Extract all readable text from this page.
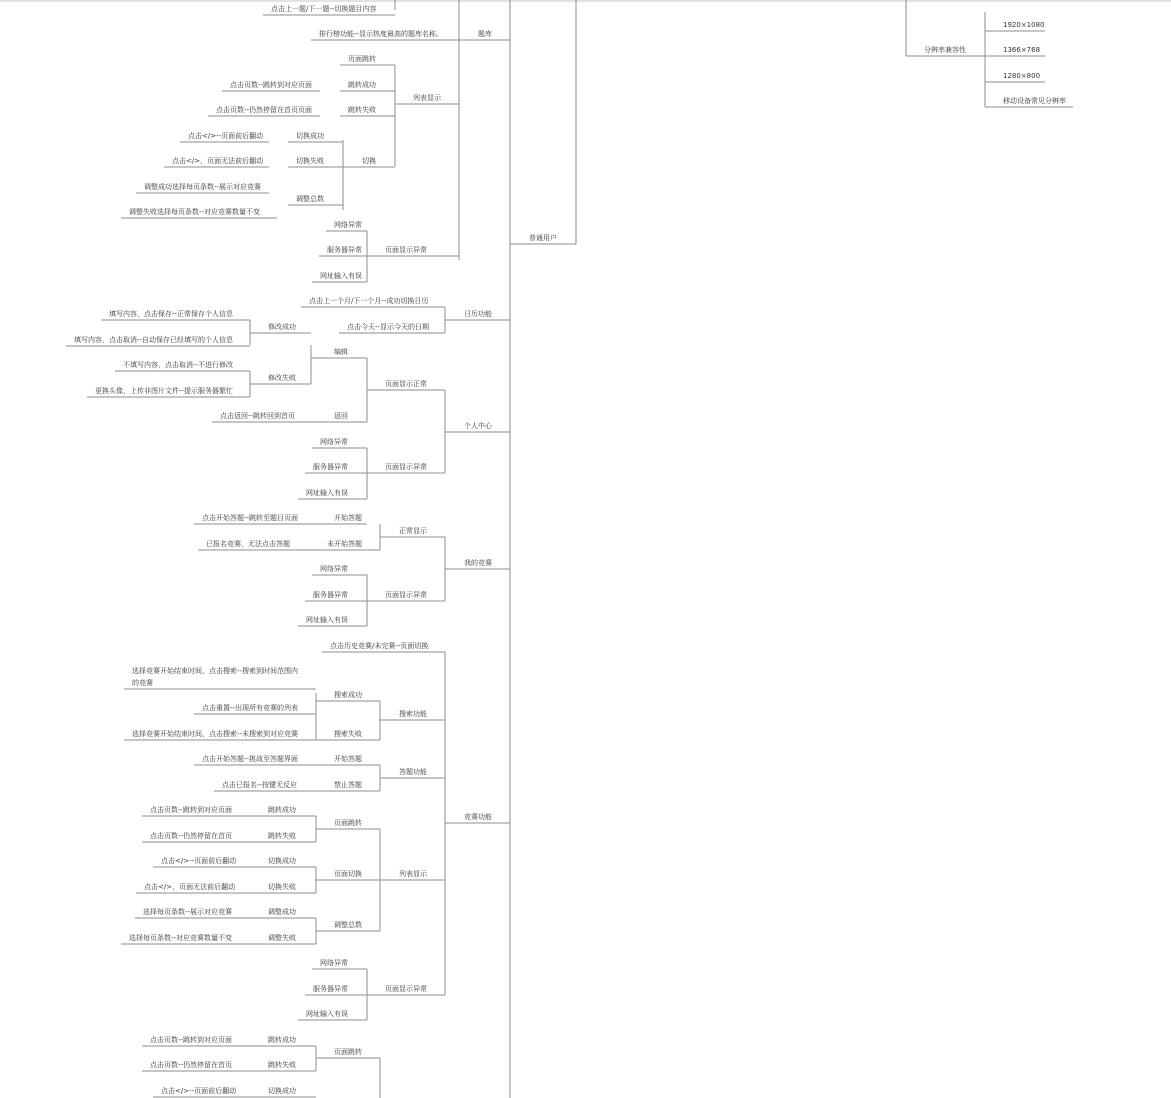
点击上一题/下一题--切换题目内容
题库
排行榜功能--显示热度最高的题库名称。
页面跳转
跳转成功
点击页数--跳转到对应页面
跳转失败
点击页数--仍然停留在首页页面
列表显示
切换成功
点击</>--页面前后翻动
切换失败
点击</>，页面无法前后翻动	切换
调整成功选择每页条数--展示对应竞赛
调整总数
调整失败选择每页条数--对应竞赛数量不变
网络异常
服务器异常	页面显示异常
网址输入有误
点击上一个月/下一个月--成功切换日历
点击今天--显示今天的日期
日历功能
填写内容，点击保存--正常保存个人信息
修改成功
填写内容，点击取消--自动保存已经填写的个人信息
编辑
不填写内容，点击取消--不进行修改
修改失败
更换头像，上传非图片文件--提示服务器繁忙
页面显示正常
点击返回--跳转回到首页	返回
个人中心
网络异常
服务器异常	页面显示异常
网址输入有误
点击开始答题--跳转至题目页面	开始答题
正常显示
已报名竞赛，无法点击答题	未开始答题
我的竞赛
网络异常
服务器异常	页面显示异常
网址输入有误
点击历史竞赛/未完赛--页面切换
搜索成功
点击重置--出现所有竞赛的列表
搜索功能
选择竞赛开始结束时间，点击搜索--未搜索到对应竞赛	搜索失败
点击开始答题--挑战至答题界面	开始答题
答题功能
点击已报名--按键无反应	禁止答题
点击页数--跳转到对应页面	跳转成功
竞赛功能
页面跳转
点击页数--仍然停留在首页	跳转失败
点击</>--页面前后翻动	切换成功
页面切换	列表显示
点击</>，页面无法前后翻动	切换失败
选择每页条数--展示对应竞赛	调整成功
调整总数
选择每页条数--对应竞赛数量不变	调整失败
网络异常
服务器异常	页面显示异常
网址输入有误
点击页数--跳转到对应页面	跳转成功
页面跳转
点击页数--仍然停留在首页	跳转失败
点击</>--页面前后翻动	切换成功
1920×1080
分辨率兼容性	1366×768
1280×800
移动设备常见分辨率
选择竞赛开始结束时间，点击搜索--搜索到时间范围内的竞赛
普通用户
